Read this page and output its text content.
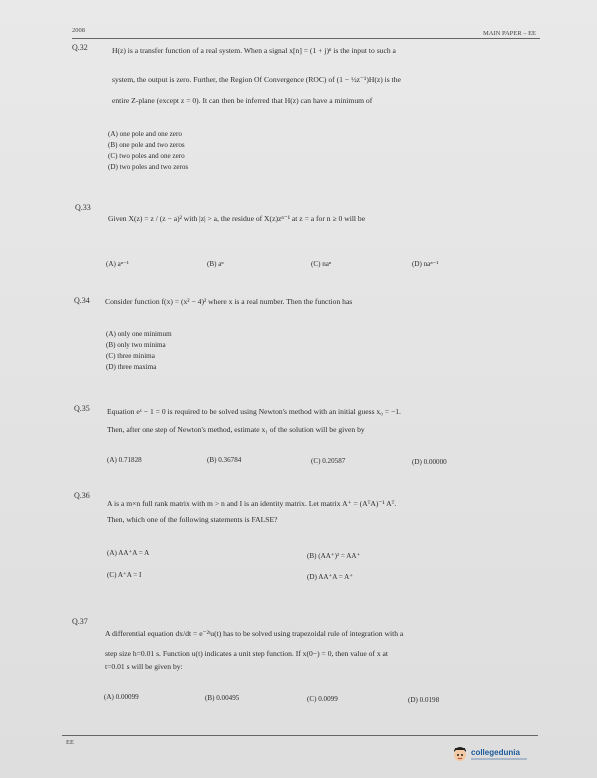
2008	MAIN PAPER – EE
Q.32	H(z) is a transfer function of a real system. When a signal x[n] = (1 + j)ⁿ is the input to such a
system, the output is zero. Further, the Region Of Convergence (ROC) of (1 − ½z⁻¹)H(z) is the
entire Z-plane (except z = 0). It can then be inferred that H(z) can have a minimum of
(A) one pole and one zero
(B) one pole and two zeros
(C) two poles and one zero
(D) two poles and two zeros
Q.33
Given X(z) = z / (z − a)² with |z| > a, the residue of X(z)zⁿ⁻¹ at z = a for n ≥ 0 will be
(A) aⁿ⁻¹	(B) aⁿ	(C) naⁿ	(D) naⁿ⁻¹
Q.34 Consider function f(x) = (x² − 4)² where x is a real number. Then the function has
(A) only one minimum
(B) only two minima
(C) three minima
(D) three maxima
Q.35 Equation eˣ − 1 = 0 is required to be solved using Newton's method with an initial guess x₀ = −1.
Then, after one step of Newton's method, estimate x₁ of the solution will be given by
(A) 0.71828	(B) 0.36784	(C) 0.20587	(D) 0.00000
Q.36
A is a m×n full rank matrix with m > n and I is an identity matrix. Let matrix A⁺ = (AᵀA)⁻¹ Aᵀ.
Then, which one of the following statements is FALSE?
(A) AA⁺A = A	(B) (AA⁺)² = AA⁺
(C) A⁺A = I	(D) AA⁺A = A⁺
Q.37
A differential equation dx/dt = e⁻²ᵗu(t) has to be solved using trapezoidal rule of integration with a
step size h=0.01 s. Function u(t) indicates a unit step function. If x(0−) = 0, then value of x at
t=0.01 s will be given by:
(A) 0.00099	(B) 0.00495	(C) 0.0099	(D) 0.0198
EE
collegedunia
